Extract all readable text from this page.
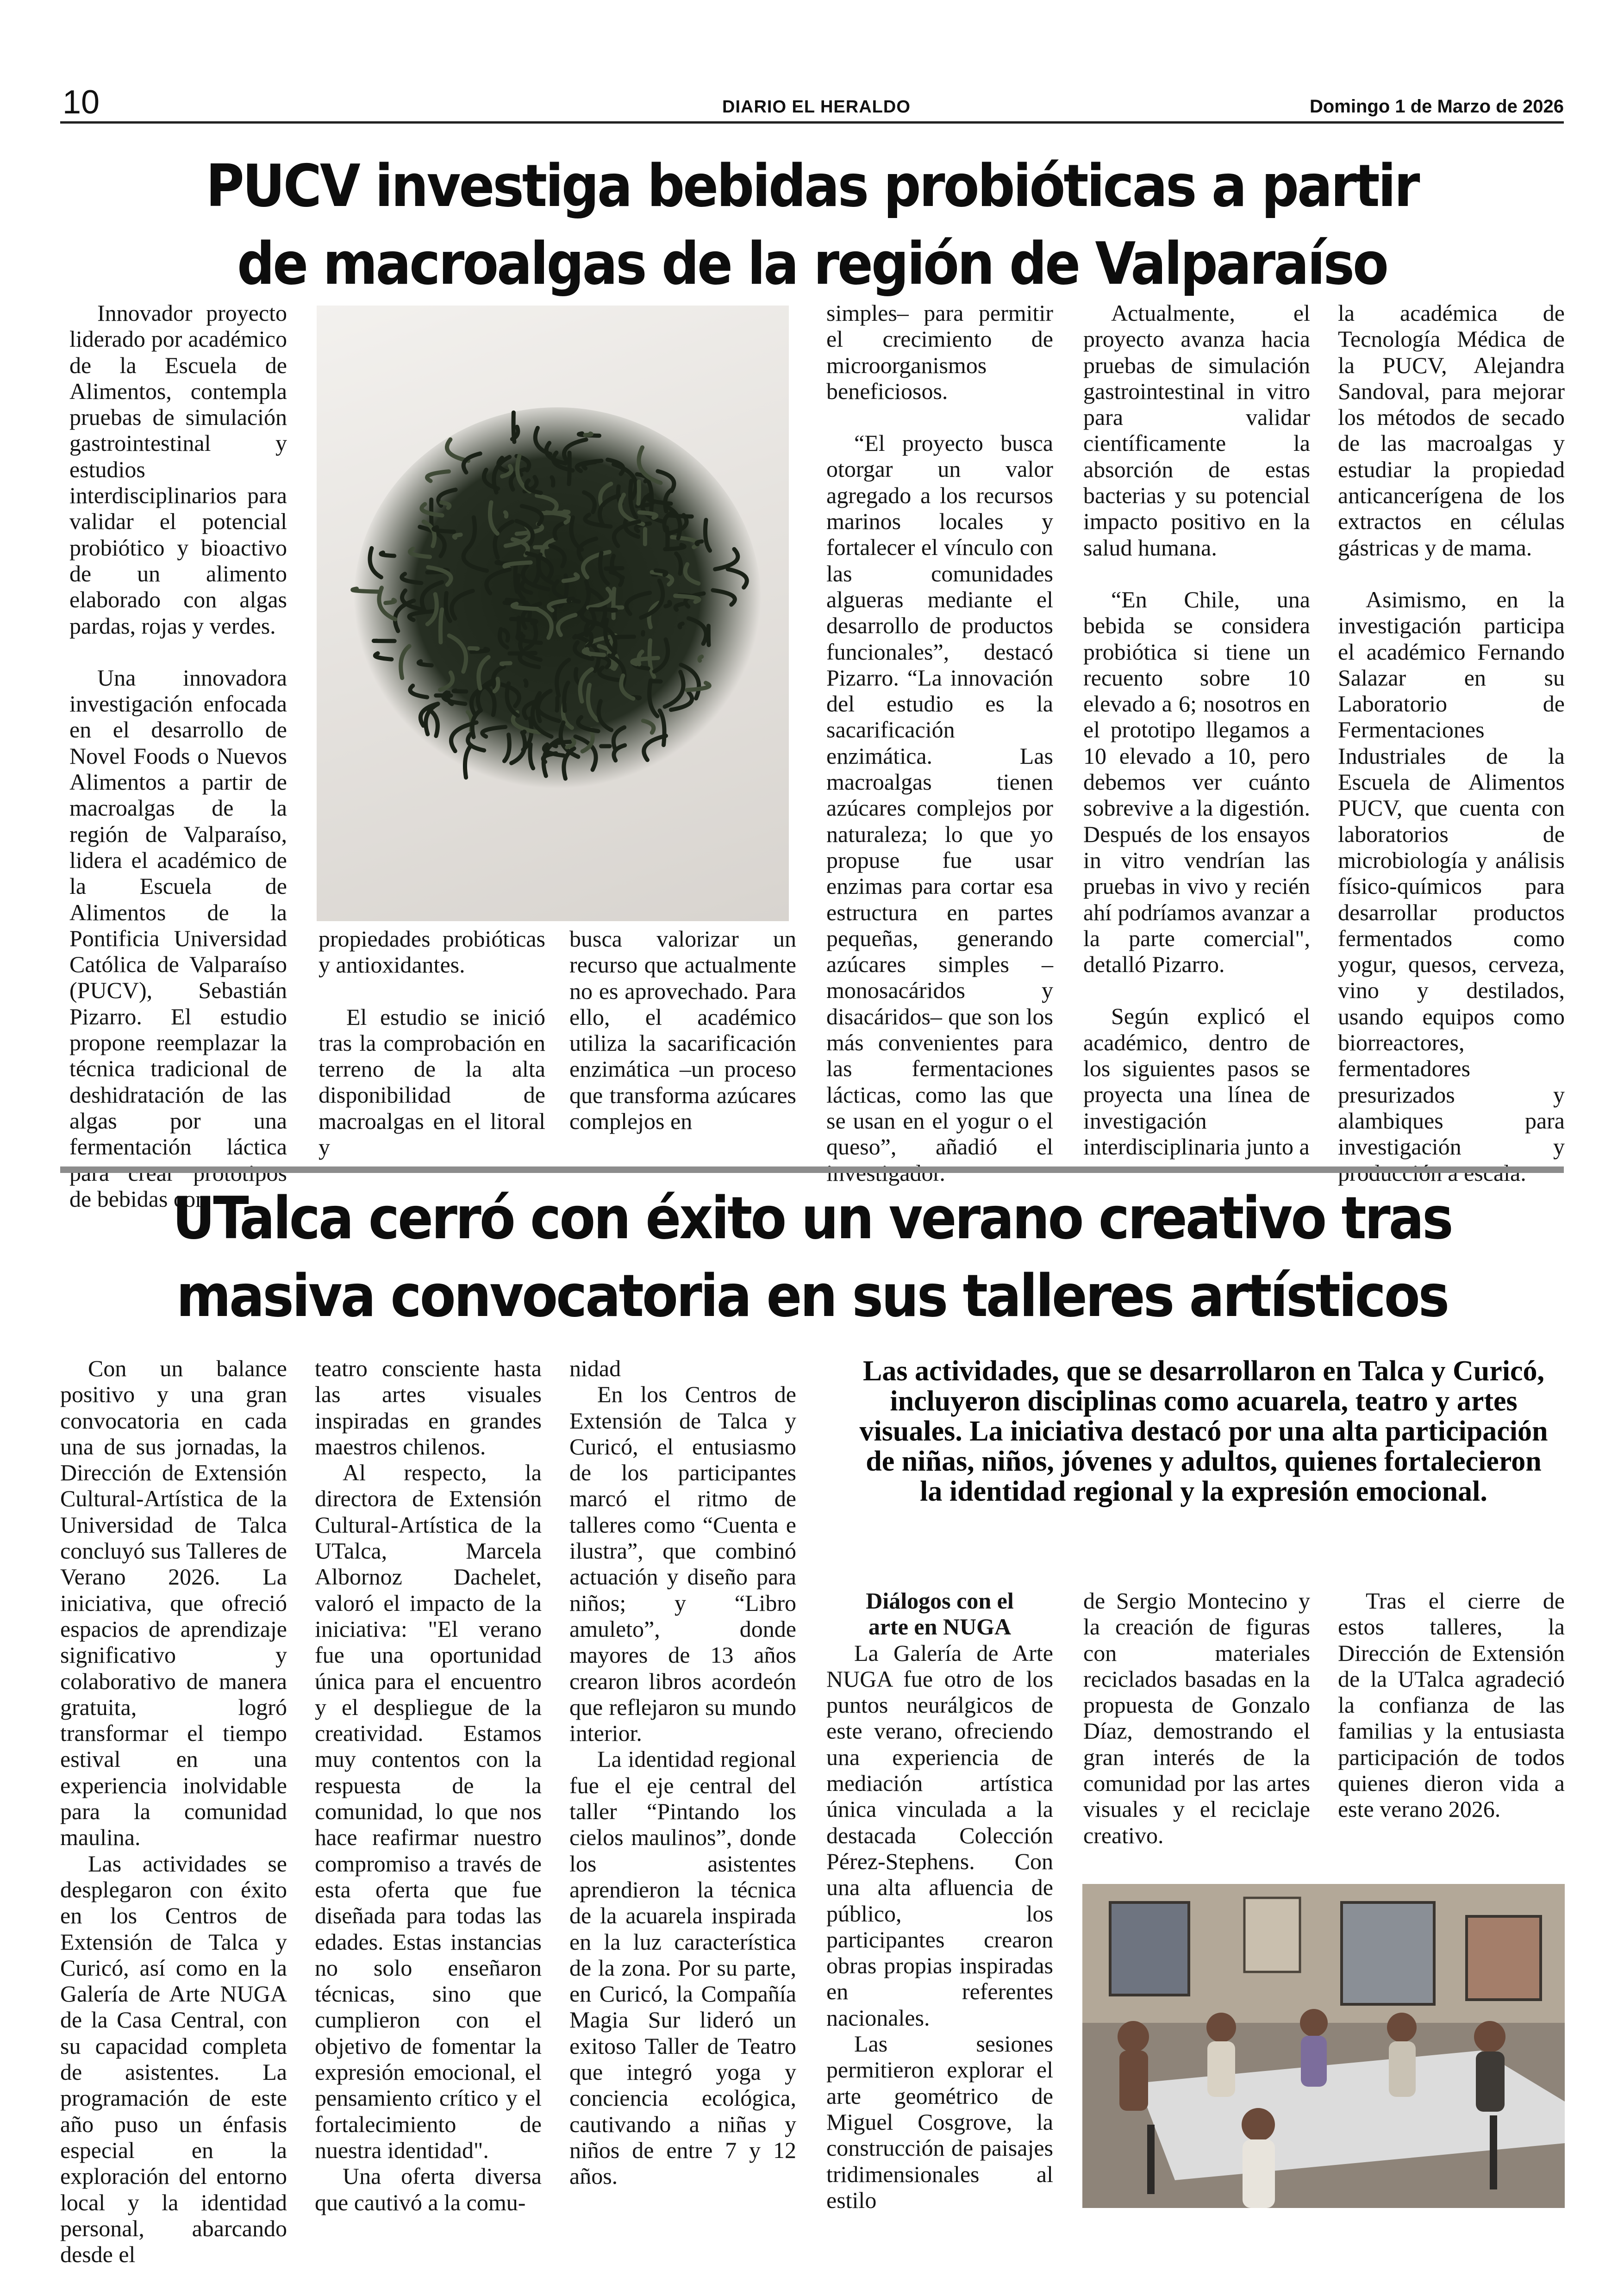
10	DIARIO EL HERALDO	Domingo 1 de Marzo de 2026
PUCV investiga bebidas probióticas a partir
de macroalgas de la región de Valparaíso

Innovador proyecto liderado por académico de la Escuela de Alimentos, contempla pruebas de simulación gastrointestinal y estudios interdisciplinarios para validar el potencial probiótico y bioactivo de un alimento elaborado con algas pardas, rojas y verdes.

Una innovadora investigación enfocada en el desarrollo de Novel Foods o Nuevos Alimentos a partir de macroalgas de la región de Valparaíso, lidera el académico de la Escuela de Alimentos de la Pontificia Universidad Católica de Valparaíso (PUCV), Sebastián Pizarro. El estudio propone reemplazar la técnica tradicional de deshidratación de las algas por una fermentación láctica de bebidas con

propiedades probióticas y antioxidantes.

El estudio se inició tras la comprobación en terreno de la alta disponibilidad de macroalgas en el litoral y

busca valorizar un recurso que actualmente no es aprovechado. Para ello, el académico utiliza la sacarificación enzimática –un proceso que transforma azúcares complejos en

simples– para permitir el crecimiento de microorganismos beneficiosos.

“El proyecto busca otorgar un valor agregado a los recursos marinos locales y fortalecer el vínculo con las comunidades algueras mediante el desarrollo de productos funcionales”, destacó Pizarro. “La innovación del estudio es la sacarificación enzimática. Las macroalgas tienen azúcares complejos por naturaleza; lo que yo propuse fue usar enzimas para cortar esa estructura en partes pequeñas, generando azúcares simples –monosacáridos y disacáridos– que son los más convenientes para las fermentaciones lácticas, como las que se usan en el yogur o el queso”, añadió el

Actualmente, el proyecto avanza hacia pruebas de simulación gastrointestinal in vitro para validar científicamente la absorción de estas bacterias y su potencial impacto positivo en la salud humana.

“En Chile, una bebida se considera probiótica si tiene un recuento sobre 10 elevado a 6; nosotros en el prototipo llegamos a 10 elevado a 10, pero debemos ver cuánto sobrevive a la digestión. Después de los ensayos in vitro vendrían las pruebas in vivo y recién ahí podríamos avanzar a la parte comercial", detalló Pizarro.

Según explicó el académico, dentro de los siguientes pasos se proyecta una línea de investigación interdisciplinaria junto a

la académica de Tecnología Médica de la PUCV, Alejandra Sandoval, para mejorar los métodos de secado de las macroalgas y estudiar la propiedad anticancerígena de los extractos en células gástricas y de mama.

Asimismo, en la investigación participa el académico Fernando Salazar en su Laboratorio de Fermentaciones Industriales de la Escuela de Alimentos PUCV, que cuenta con laboratorios de microbiología y análisis físico-químicos para desarrollar productos fermentados como yogur, quesos, cerveza, vino y destilados, usando equipos como biorreactores, fermentadores presurizados y alambiques para investigación y

UTalca cerró con éxito un verano creativo tras
masiva convocatoria en sus talleres artísticos
Las actividades, que se desarrollaron en Talca y Curicó, incluyeron disciplinas como acuarela, teatro y artes visuales. La iniciativa destacó por una alta participación de niñas, niños, jóvenes y adultos, quienes fortalecieron la identidad regional y la expresión emocional.

Con un balance positivo y una gran convocatoria en cada una de sus jornadas, la Dirección de Extensión Cultural-Artística de la Universidad de Talca concluyó sus Talleres de Verano 2026. La iniciativa, que ofreció espacios de aprendizaje significativo y colaborativo de manera gratuita, logró transformar el tiempo estival en una experiencia inolvidable para la comunidad maulina.

Las actividades se desplegaron con éxito en los Centros de Extensión de Talca y Curicó, así como en la Galería de Arte NUGA de la Casa Central, con su capacidad completa de asistentes. La programación de este año puso un énfasis especial en la exploración del entorno local y la identidad personal, abarcando desde el

teatro consciente hasta las artes visuales inspiradas en grandes maestros chilenos.

Al respecto, la directora de Extensión Cultural-Artística de la UTalca, Marcela Albornoz Dachelet, valoró el impacto de la iniciativa: "El verano fue una oportunidad única para el encuentro y el despliegue de la creatividad. Estamos muy contentos con la respuesta de la comunidad, lo que nos hace reafirmar nuestro compromiso a través de esta oferta que fue diseñada para todas las edades. Estas instancias no solo enseñaron técnicas, sino que cumplieron con el objetivo de fomentar la expresión emocional, el pensamiento crítico y el fortalecimiento de nuestra identidad".

Una oferta diversa que cautivó a la comu-

nidad

En los Centros de Extensión de Talca y Curicó, el entusiasmo de los participantes marcó el ritmo de talleres como “Cuenta e ilustra”, que combinó actuación y diseño para niños; y “Libro amuleto”, donde mayores de 13 años crearon libros acordeón que reflejaron su mundo interior.

La identidad regional fue el eje central del taller “Pintando los cielos maulinos”, donde los asistentes aprendieron la técnica de la acuarela inspirada en la luz característica de la zona. Por su parte, en Curicó, la Compañía Magia Sur lideró un exitoso Taller de Teatro que integró yoga y conciencia ecológica, cautivando a niñas y niños de entre 7 y 12 años.

Diálogos con el
arte en NUGA

La Galería de Arte NUGA fue otro de los puntos neurálgicos de este verano, ofreciendo una experiencia de mediación artística única vinculada a la destacada Colección Pérez-Stephens. Con una alta afluencia de público, los participantes crearon obras propias inspiradas en referentes nacionales.

Las sesiones permitieron explorar el arte geométrico de Miguel Cosgrove, la construcción de paisajes tridimensionales al estilo

de Sergio Montecino y la creación de figuras con materiales reciclados basadas en la propuesta de Gonzalo Díaz, demostrando el gran interés de la comunidad por las artes visuales y el reciclaje creativo.

Tras el cierre de estos talleres, la Dirección de Extensión de la UTalca agradeció la confianza de las familias y la entusiasta participación de todos quienes dieron vida a este verano 2026.
